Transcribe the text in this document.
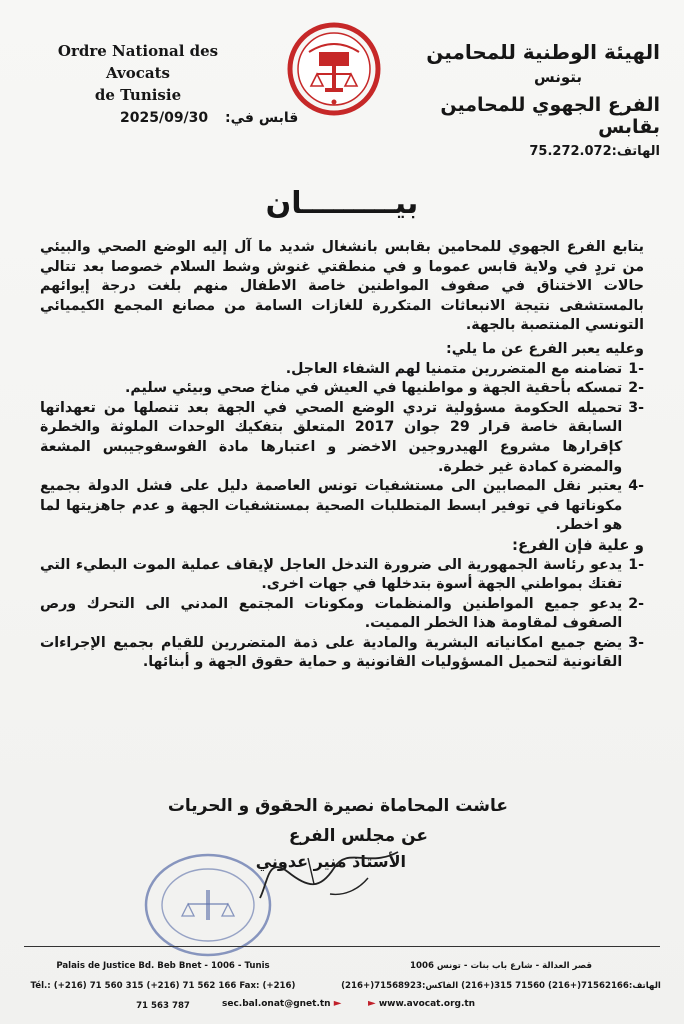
Ordre National des Avocats
de Tunisie
قابس في: 2025/09/30
الهيئة الوطنية للمحامين
بتونس
الفرع الجهوي للمحامين بقابس
الهاتف:75.272.072
بيـــــــــان

يتابع الفرع الجهوي للمحامين بقابس بانشغال شديد ما آل إليه الوضع الصحي والبيئي من تردٍ في ولاية قابس عموما و في منطقتي غنوش وشط السلام خصوصا بعد تتالي حالات الاختناق في صفوف المواطنين خاصة الاطفال منهم بلغت درجة إيوائهم بالمستشفى نتيجة الانبعاثات المتكررة للغازات السامة من مصانع المجمع الكيميائي التونسي المنتصبة بالجهة.

وعليه يعبر الفرع عن ما يلي:

-1
تضامنه مع المتضررين متمنيا لهم الشفاء العاجل.
-2
تمسكه بأحقية الجهة و مواطنيها في العيش في مناخ صحي وبيئي سليم.
-3
تحميله الحكومة مسؤولية تردي الوضع الصحي في الجهة بعد تنصلها من تعهداتها السابقة خاصة قرار 29 جوان 2017 المتعلق بتفكيك الوحدات الملوثة والخطرة كإقرارها مشروع الهيدروجين الاخضر و اعتبارها مادة الفوسفوجيبس المشعة والمضرة كمادة غير خطرة.
-4
يعتبر نقل المصابين الى مستشفيات تونس العاصمة دليل على فشل الدولة بجميع مكوناتها في توفير ابسط المتطلبات الصحية بمستشفيات الجهة و عدم جاهزيتها لما هو اخطر.

و علية فإن الفرع:

-1
يدعو رئاسة الجمهورية الى ضرورة التدخل العاجل لإيقاف عملية الموت البطيء التي تفتك بمواطني الجهة أسوة بتدخلها في جهات اخرى.
-2
يدعو جميع المواطنين والمنظمات ومكونات المجتمع المدني الى التحرك ورص الصفوف لمقاومة هذا الخطر المميت.
-3
يضع جميع امكانياته البشرية والمادية على ذمة المتضررين للقيام بجميع الإجراءات القانونية لتحميل المسؤوليات القانونية و حماية حقوق الجهة و أبنائها.
عاشت المحاماة نصيرة الحقوق و الحريات
عن مجلس الفرع
الأستاذ منير عدوني
Palais de Justice Bd. Beb Bnet - 1006 - Tunis
Tél.: (+216) 71 560 315 (+216) 71 562 166 Fax: (+216) 71 563 787
قصر العدالة - شارع باب بنات - تونس 1006
الهاتف:71562166(+216) 71560 315(+216) الفاكس:71568923(+216)
sec.bal.onat@gnet.tn ►	► www.avocat.org.tn
